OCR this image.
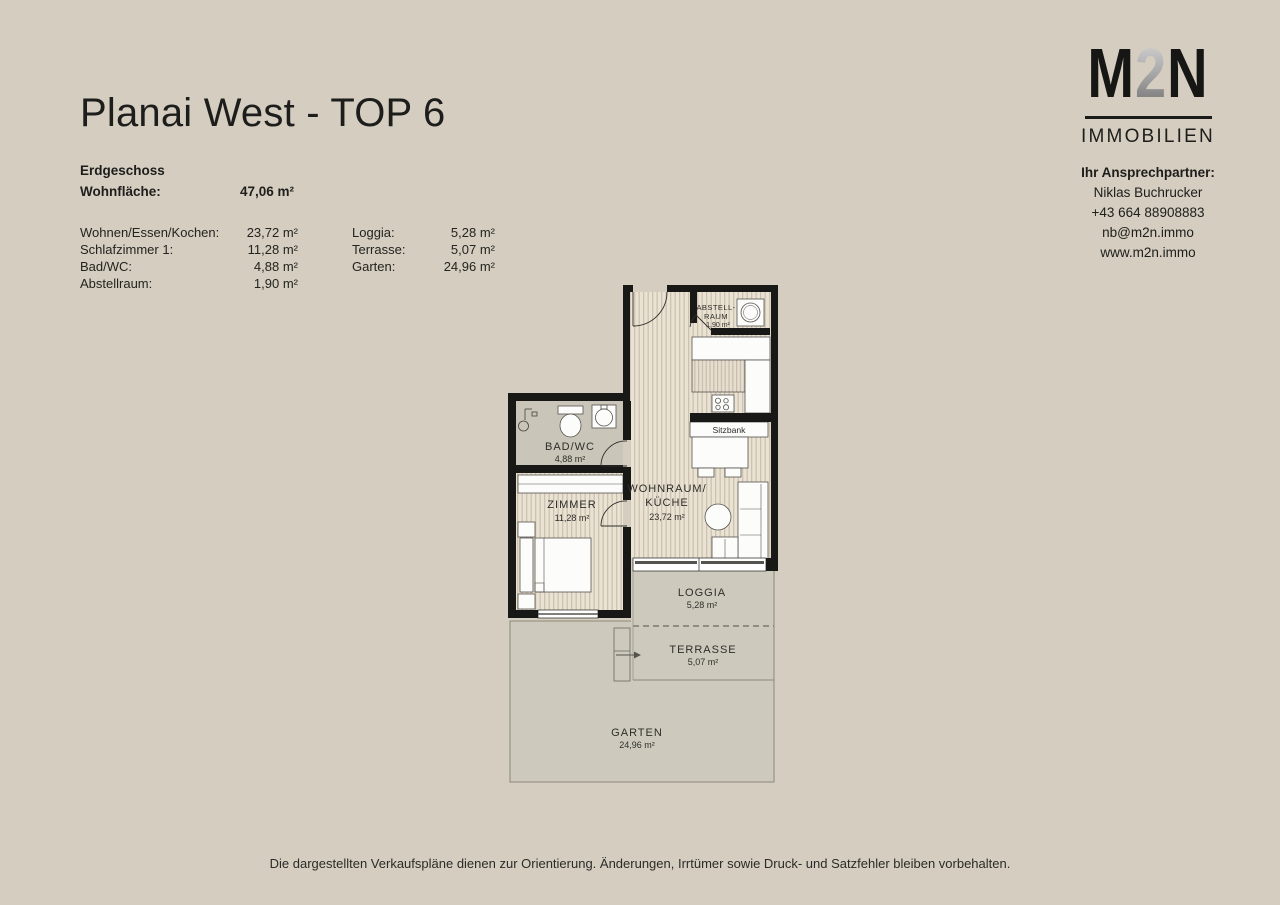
Planai West - TOP 6
Erdgeschoss
Wohnfläche:	47,06 m²
Wohnen/Essen/Kochen:	23,72 m²	Loggia:	5,28 m²
Schlafzimmer 1:	11,28 m²	Terrasse:	5,07 m²
Bad/WC:	4,88 m²	Garten:	24,96 m²
Abstellraum:	1,90 m²
M2N
IMMOBILIEN
Ihr Ansprechpartner:
Niklas Buchrucker
+43 664 88908883
nb@m2n.immo
www.m2n.immo
Die dargestellten Verkaufspläne dienen zur Orientierung. Änderungen, Irrtümer sowie Druck- und Satzfehler bleiben vorbehalten.
ABSTELL-
RAUM
1,90 m²
Sitzbank
WOHNRAUM/
KÜCHE
23,72 m²
BAD/WC
4,88 m²
ZIMMER
11,28 m²
LOGGIA
5,28 m²
TERRASSE
5,07 m²
GARTEN
24,96 m²
